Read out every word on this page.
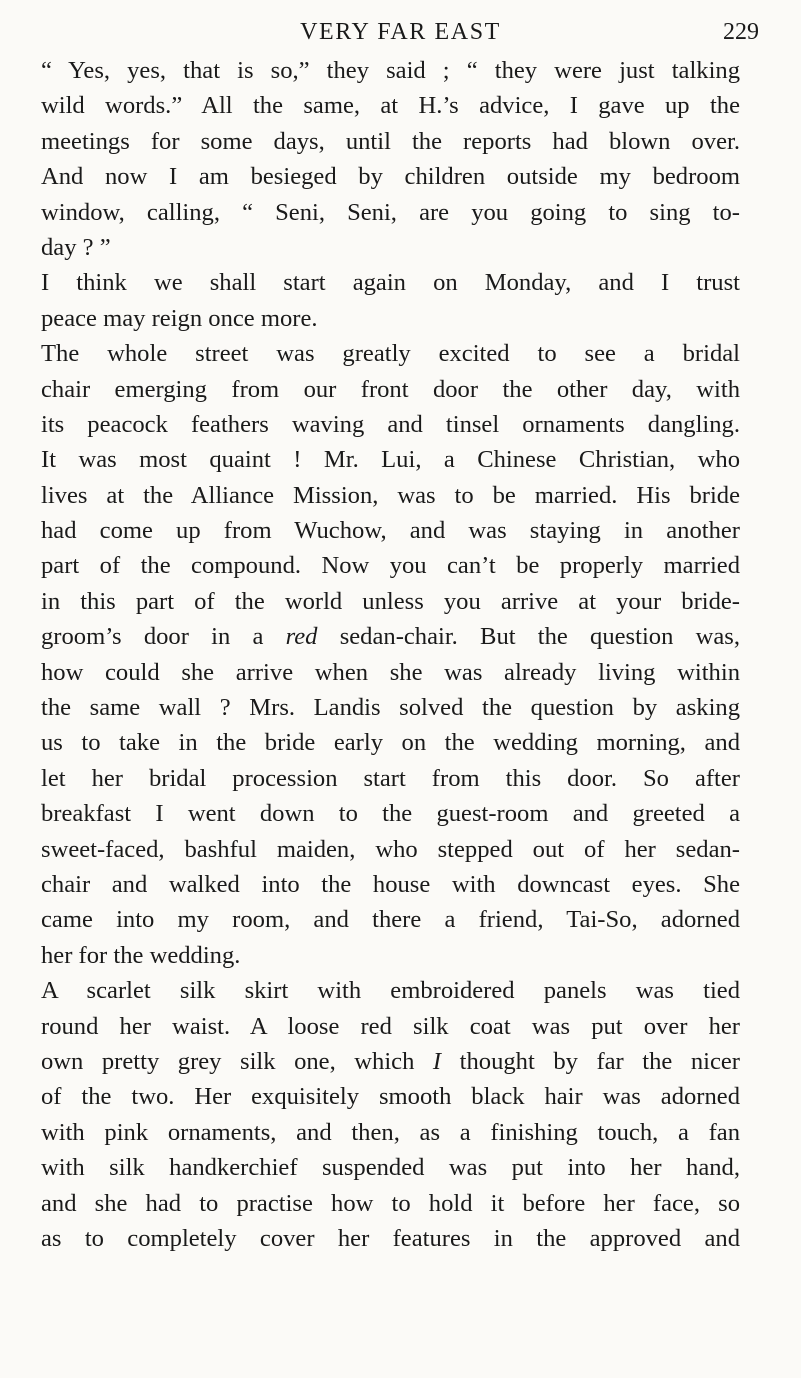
VERY FAR EAST	229
“ Yes, yes, that is so,” they said ; “ they were just talking
wild words.” All the same, at H.’s advice, I gave up the
meetings for some days, until the reports had blown over.
And now I am besieged by children outside my bedroom
window, calling, “ Seni, Seni, are you going to sing to-
day ? ”
I think we shall start again on Monday, and I trust
peace may reign once more.
The whole street was greatly excited to see a bridal
chair emerging from our front door the other day, with
its peacock feathers waving and tinsel ornaments dangling.
It was most quaint ! Mr. Lui, a Chinese Christian, who
lives at the Alliance Mission, was to be married. His bride
had come up from Wuchow, and was staying in another
part of the compound. Now you can’t be properly married
in this part of the world unless you arrive at your bride-
groom’s door in a red sedan-chair. But the question was,
how could she arrive when she was already living within
the same wall ? Mrs. Landis solved the question by asking
us to take in the bride early on the wedding morning, and
let her bridal procession start from this door. So after
breakfast I went down to the guest-room and greeted a
sweet-faced, bashful maiden, who stepped out of her sedan-
chair and walked into the house with downcast eyes. She
came into my room, and there a friend, Tai-So, adorned
her for the wedding.
A scarlet silk skirt with embroidered panels was tied
round her waist. A loose red silk coat was put over her
own pretty grey silk one, which I thought by far the nicer
of the two. Her exquisitely smooth black hair was adorned
with pink ornaments, and then, as a finishing touch, a fan
with silk handkerchief suspended was put into her hand,
and she had to practise how to hold it before her face, so
as to completely cover her features in the approved and
